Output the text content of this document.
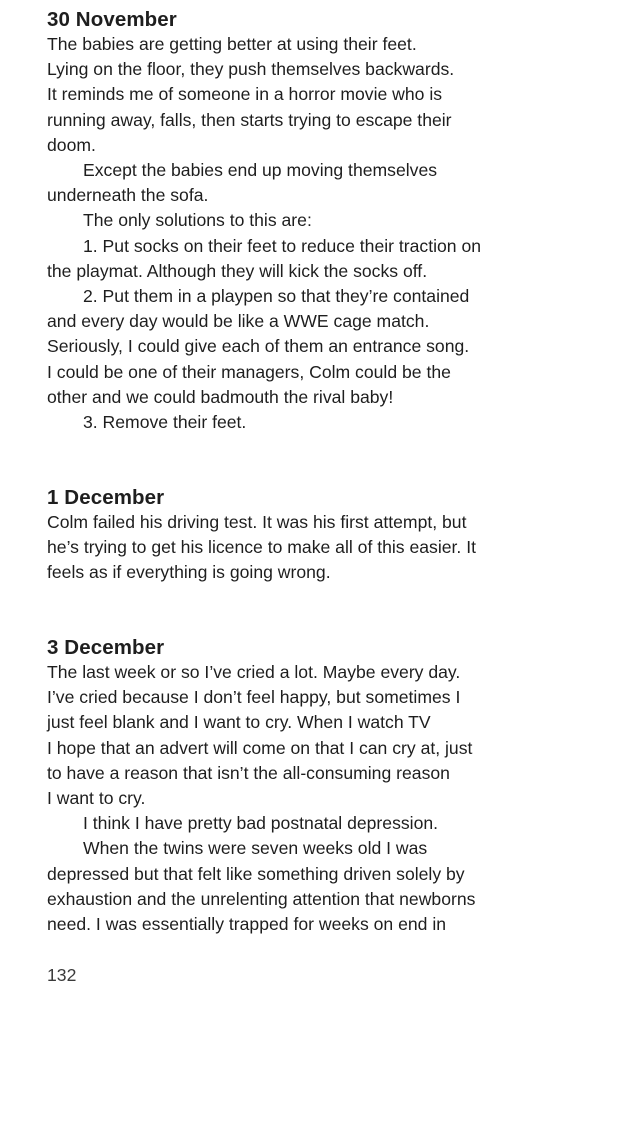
30 November

The babies are getting better at using their feet.

Lying on the floor, they push themselves backwards.

It reminds me of someone in a horror movie who is

running away, falls, then starts trying to escape their

doom.

Except the babies end up moving themselves

underneath the sofa.

The only solutions to this are:

1. Put socks on their feet to reduce their traction on

the playmat. Although they will kick the socks off.

2. Put them in a playpen so that they’re contained

and every day would be like a WWE cage match.

Seriously, I could give each of them an entrance song.

I could be one of their managers, Colm could be the

other and we could badmouth the rival baby!

3. Remove their feet.

1 December

Colm failed his driving test. It was his first attempt, but

he’s trying to get his licence to make all of this easier. It

feels as if everything is going wrong.

3 December

The last week or so I’ve cried a lot. Maybe every day.

I’ve cried because I don’t feel happy, but sometimes I

just feel blank and I want to cry. When I watch TV

I hope that an advert will come on that I can cry at, just

to have a reason that isn’t the all-consuming reason

I want to cry.

I think I have pretty bad postnatal depression.

When the twins were seven weeks old I was

depressed but that felt like something driven solely by

exhaustion and the unrelenting attention that newborns

need. I was essentially trapped for weeks on end in

132
